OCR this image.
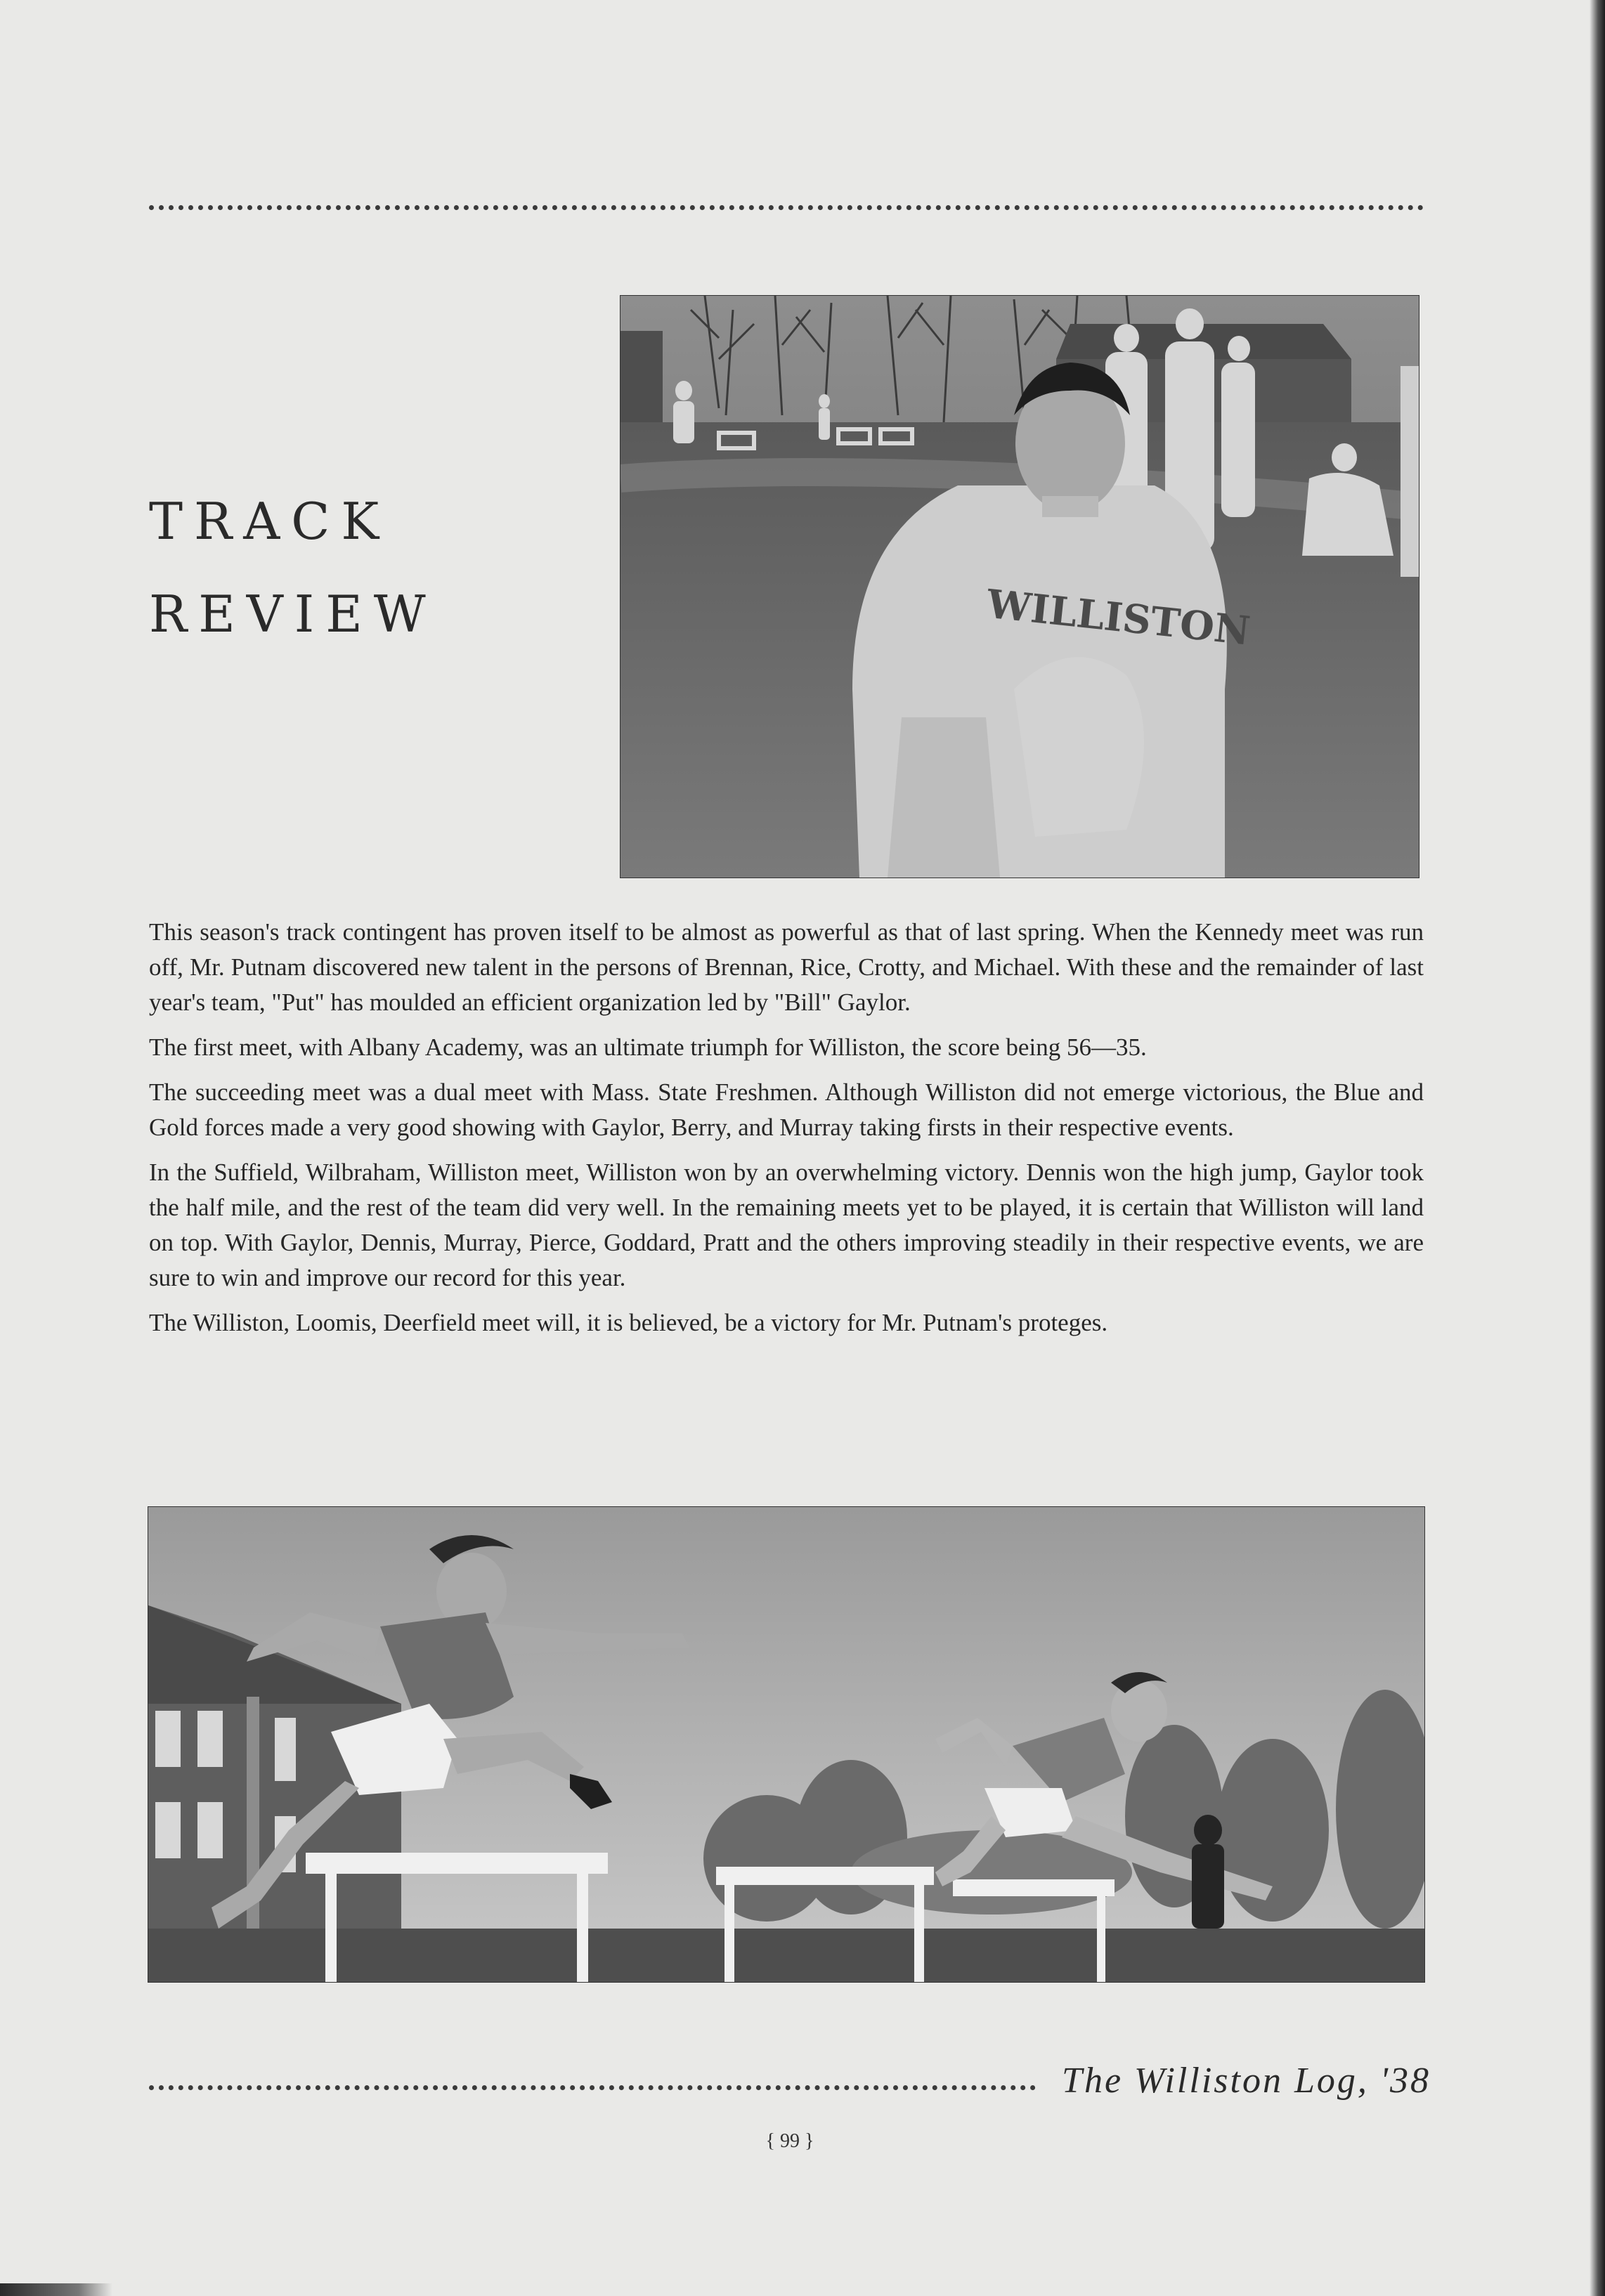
TRACK
REVIEW	WILLISTON

This season's track contingent has proven itself to be almost as powerful as that of last spring. When the Kennedy meet was run off, Mr. Putnam discovered new talent in the persons of Brennan, Rice, Crotty, and Michael. With these and the remainder of last year's team, "Put" has moulded an efficient organization led by "Bill" Gaylor.

The first meet, with Albany Academy, was an ultimate triumph for Williston, the score being 56—35.

The succeeding meet was a dual meet with Mass. State Freshmen. Although Williston did not emerge victorious, the Blue and Gold forces made a very good showing with Gaylor, Berry, and Murray taking firsts in their respective events.

In the Suffield, Wilbraham, Williston meet, Williston won by an overwhelming victory. Dennis won the high jump, Gaylor took the half mile, and the rest of the team did very well. In the remaining meets yet to be played, it is certain that Williston will land on top. With Gaylor, Dennis, Murray, Pierce, Goddard, Pratt and the others improving steadily in their respective events, we are sure to win and improve our record for this year.

The Williston, Loomis, Deerfield meet will, it is believed, be a victory for Mr. Putnam's proteges.

The Williston Log, '38
{ 99 }
